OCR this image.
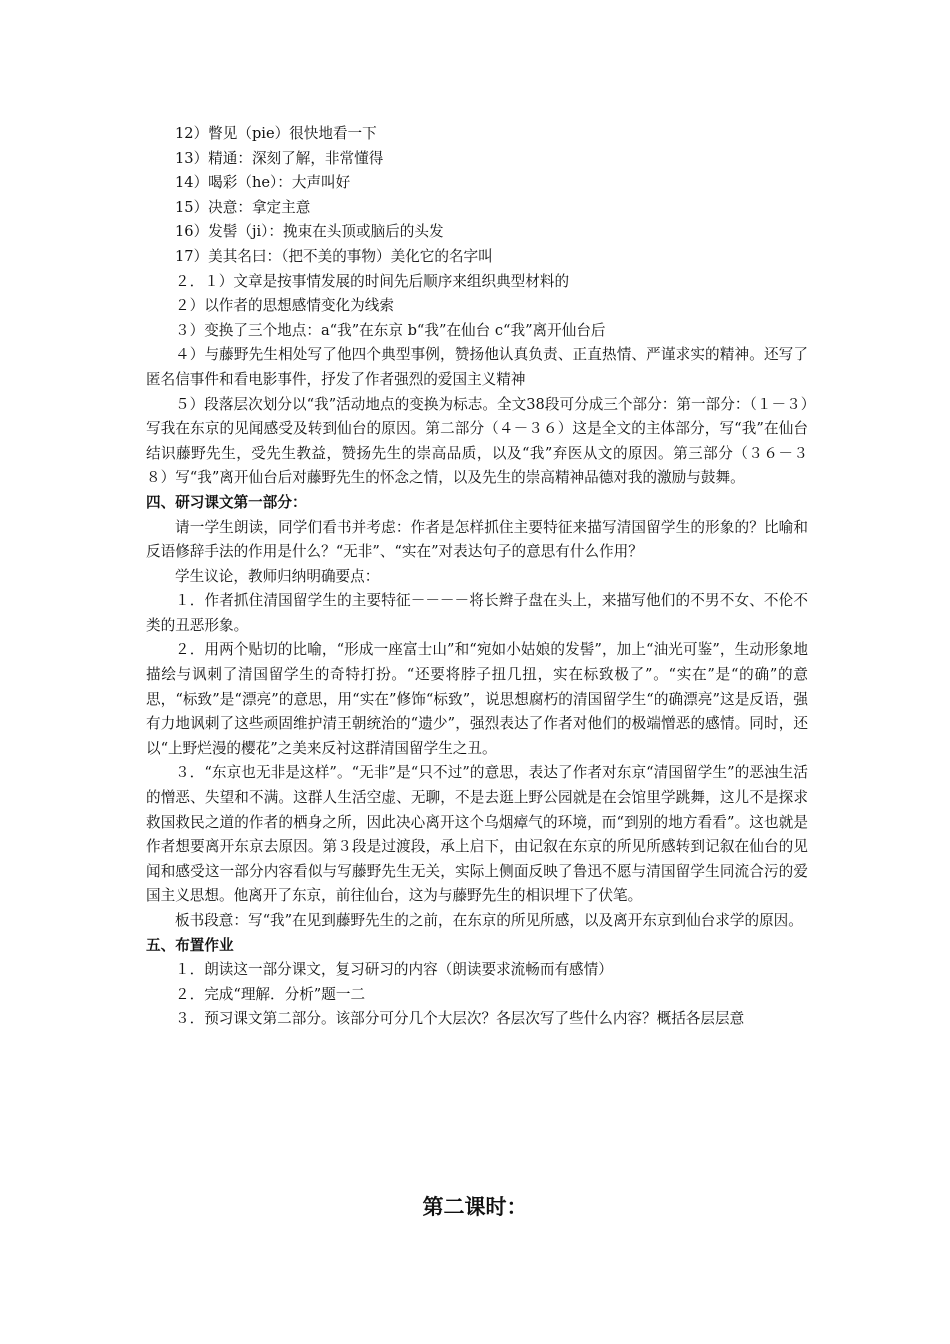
12）瞥见（pie）很快地看一下

13）精通：深刻了解，非常懂得

14）喝彩（he）：大声叫好

15）决意：拿定主意

16）发髻（ji）：挽束在头顶或脑后的头发

17）美其名曰：（把不美的事物）美化它的名字叫

２．１）文章是按事情发展的时间先后顺序来组织典型材料的

２）以作者的思想感情变化为线索

３）变换了三个地点：a“我”在东京 b“我”在仙台 c“我”离开仙台后

４）与藤野先生相处写了他四个典型事例，赞扬他认真负责、正直热情、严谨求实的精神。还写了匿名信事件和看电影事件，抒发了作者强烈的爱国主义精神

５）段落层次划分以“我”活动地点的变换为标志。全文38段可分成三个部分：第一部分：（１－３）写我在东京的见闻感受及转到仙台的原因。第二部分（４－３６）这是全文的主体部分，写“我”在仙台结识藤野先生，受先生教益，赞扬先生的崇高品质，以及“我”弃医从文的原因。第三部分（３６－３８）写“我”离开仙台后对藤野先生的怀念之情，以及先生的崇高精神品德对我的激励与鼓舞。

四、研习课文第一部分：

请一学生朗读，同学们看书并考虑：作者是怎样抓住主要特征来描写清国留学生的形象的？比喻和反语修辞手法的作用是什么？“无非”、“实在”对表达句子的意思有什么作用？

学生议论，教师归纳明确要点：

１．作者抓住清国留学生的主要特征－－－－将长辫子盘在头上，来描写他们的不男不女、不伦不类的丑恶形象。

２．用两个贴切的比喻，“形成一座富士山”和“宛如小姑娘的发髻”，加上“油光可鉴”，生动形象地描绘与讽刺了清国留学生的奇特打扮。“还要将脖子扭几扭，实在标致极了”。“实在”是“的确”的意思，“标致”是“漂亮”的意思，用“实在”修饰“标致”，说思想腐朽的清国留学生“的确漂亮”这是反语，强有力地讽刺了这些顽固维护清王朝统治的“遗少”，强烈表达了作者对他们的极端憎恶的感情。同时，还以“上野烂漫的樱花”之美来反衬这群清国留学生之丑。

３．“东京也无非是这样”。“无非”是“只不过”的意思，表达了作者对东京“清国留学生”的恶浊生活的憎恶、失望和不满。这群人生活空虚、无聊，不是去逛上野公园就是在会馆里学跳舞，这儿不是探求救国救民之道的作者的栖身之所，因此决心离开这个乌烟瘴气的环境，而“到别的地方看看”。这也就是作者想要离开东京去原因。第３段是过渡段，承上启下，由记叙在东京的所见所感转到记叙在仙台的见闻和感受这一部分内容看似与写藤野先生无关，实际上侧面反映了鲁迅不愿与清国留学生同流合污的爱国主义思想。他离开了东京，前往仙台，这为与藤野先生的相识埋下了伏笔。

板书段意：写“我”在见到藤野先生的之前，在东京的所见所感，以及离开东京到仙台求学的原因。

五、布置作业

１．朗读这一部分课文，复习研习的内容（朗读要求流畅而有感情）

２．完成“理解．分析”题一二

３．预习课文第二部分。该部分可分几个大层次？各层次写了些什么内容？概括各层层意

第二课时：
